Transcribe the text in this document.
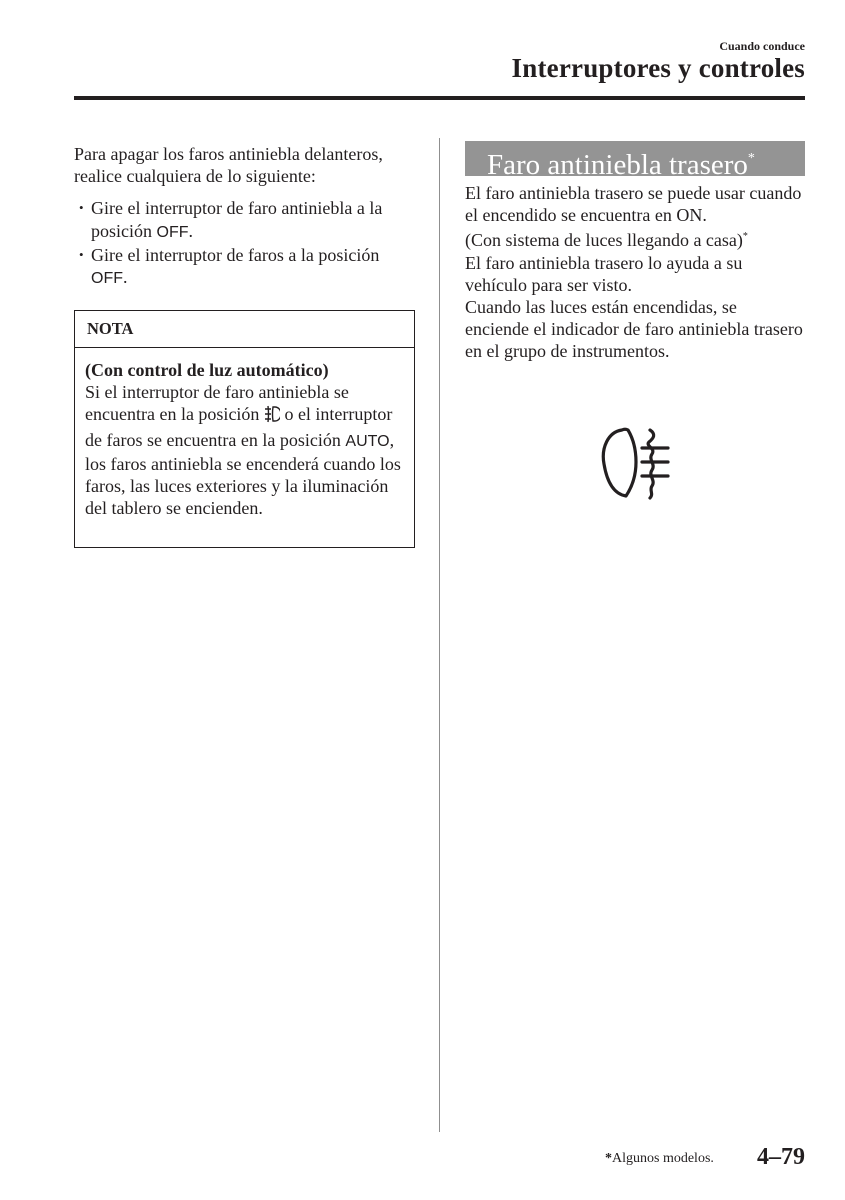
Cuando conduce
Interruptores y controles

Para apagar los faros antiniebla delanteros, realice cualquiera de lo siguiente:

• Gire el interruptor de faro antiniebla a la posición OFF.
• Gire el interruptor de faros a la posición OFF.
NOTA

(Con control de luz automático)

Si el interruptor de faro antiniebla se encuentra en la posición  o el interruptor de faros se encuentra en la posición AUTO, los faros antiniebla se encenderá cuando los faros, las luces exteriores y la iluminación del tablero se encienden.

Faro antiniebla trasero*

El faro antiniebla trasero se puede usar cuando el encendido se encuentra en ON.

(Con sistema de luces llegando a casa)*

El faro antiniebla trasero lo ayuda a su vehículo para ser visto.

Cuando las luces están encendidas, se enciende el indicador de faro antiniebla trasero en el grupo de instrumentos.

*Algunos modelos. 4–79
